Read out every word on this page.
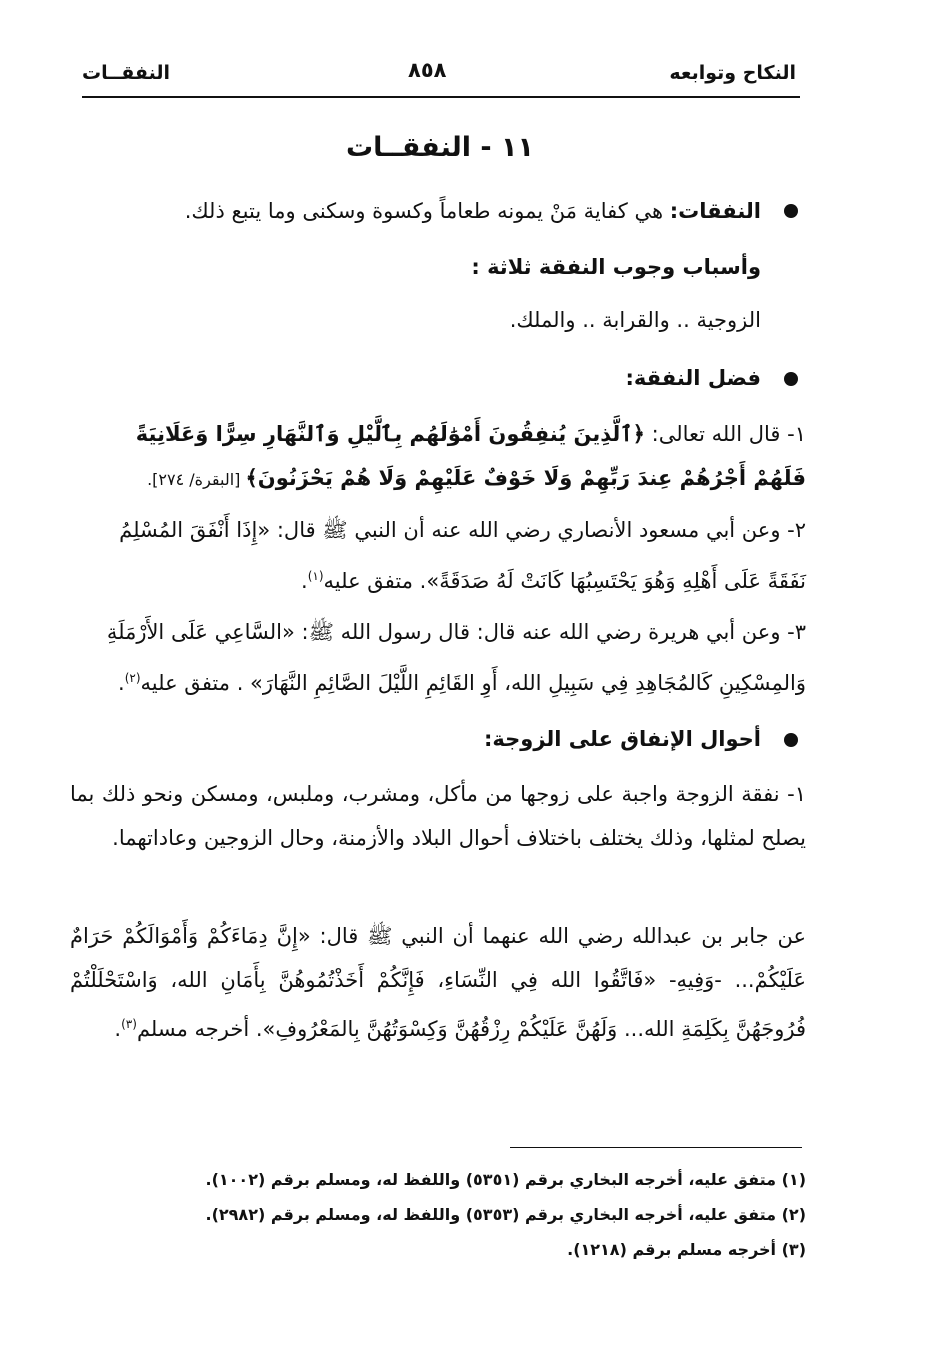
النكاح وتوابعه
٨٥٨
النفقــات
١١ - النفقــات
النفقات: هي كفاية مَنْ يمونه طعاماً وكسوة وسكنى وما يتبع ذلك.
وأسباب وجوب النفقة ثلاثة :
الزوجية .. والقرابة .. والملك.
فضل النفقة:
١- قال الله تعالى: ﴿ٱلَّذِينَ يُنفِقُونَ أَمْوَٰلَهُم بِٱلَّيْلِ وَٱلنَّهَارِ سِرًّا وَعَلَانِيَةً
فَلَهُمْ أَجْرُهُمْ عِندَ رَبِّهِمْ وَلَا خَوْفٌ عَلَيْهِمْ وَلَا هُمْ يَحْزَنُونَ﴾ [البقرة/ ٢٧٤].
٢- وعن أبي مسعود الأنصاري رضي الله عنه أن النبي ﷺ قال: «إِذَا أَنْفَقَ المُسْلِمُ
نَفَقَةً عَلَى أَهْلِهِ وَهُوَ يَحْتَسِبُهَا كَانَتْ لَهُ صَدَقَةً». متفق عليه$^{(١)}$.
٣- وعن أبي هريرة رضي الله عنه قال: قال رسول الله ﷺ: «السَّاعِي عَلَى الأَرْمَلَةِ
وَالمِسْكِينِ كَالمُجَاهِدِ فِي سَبِيلِ الله، أَوِ القَائِمِ اللَّيْلَ الصَّائِمِ النَّهَارَ» . متفق عليه$^{(٢)}$.
أحوال الإنفاق على الزوجة:
١- نفقة الزوجة واجبة على زوجها من مأكل، ومشرب، وملبس، ومسكن ونحو ذلك بما يصلح لمثلها، وذلك يختلف باختلاف أحوال البلاد والأزمنة، وحال الزوجين وعاداتهما.
عن جابر بن عبدالله رضي الله عنهما أن النبي ﷺ قال: «إِنَّ دِمَاءَكُمْ وَأَمْوَالَكُمْ حَرَامٌ عَلَيْكُمْ... -وَفِيهِ- «فَاتَّقُوا الله فِي النِّسَاءِ، فَإِنَّكُمْ أَخَذْتُمُوهُنَّ بِأَمَانِ الله، وَاسْتَحْلَلْتُمْ فُرُوجَهُنَّ بِكَلِمَةِ الله... وَلَهُنَّ عَلَيْكُمْ رِزْقُهُنَّ وَكِسْوَتُهُنَّ بِالمَعْرُوفِ». أخرجه مسلم$^{(٣)}$.
(١) متفق عليه، أخرجه البخاري برقم (٥٣٥١) واللفظ له، ومسلم برقم (١٠٠٢).
(٢) متفق عليه، أخرجه البخاري برقم (٥٣٥٣) واللفظ له، ومسلم برقم (٢٩٨٢).
(٣) أخرجه مسلم برقم (١٢١٨).
